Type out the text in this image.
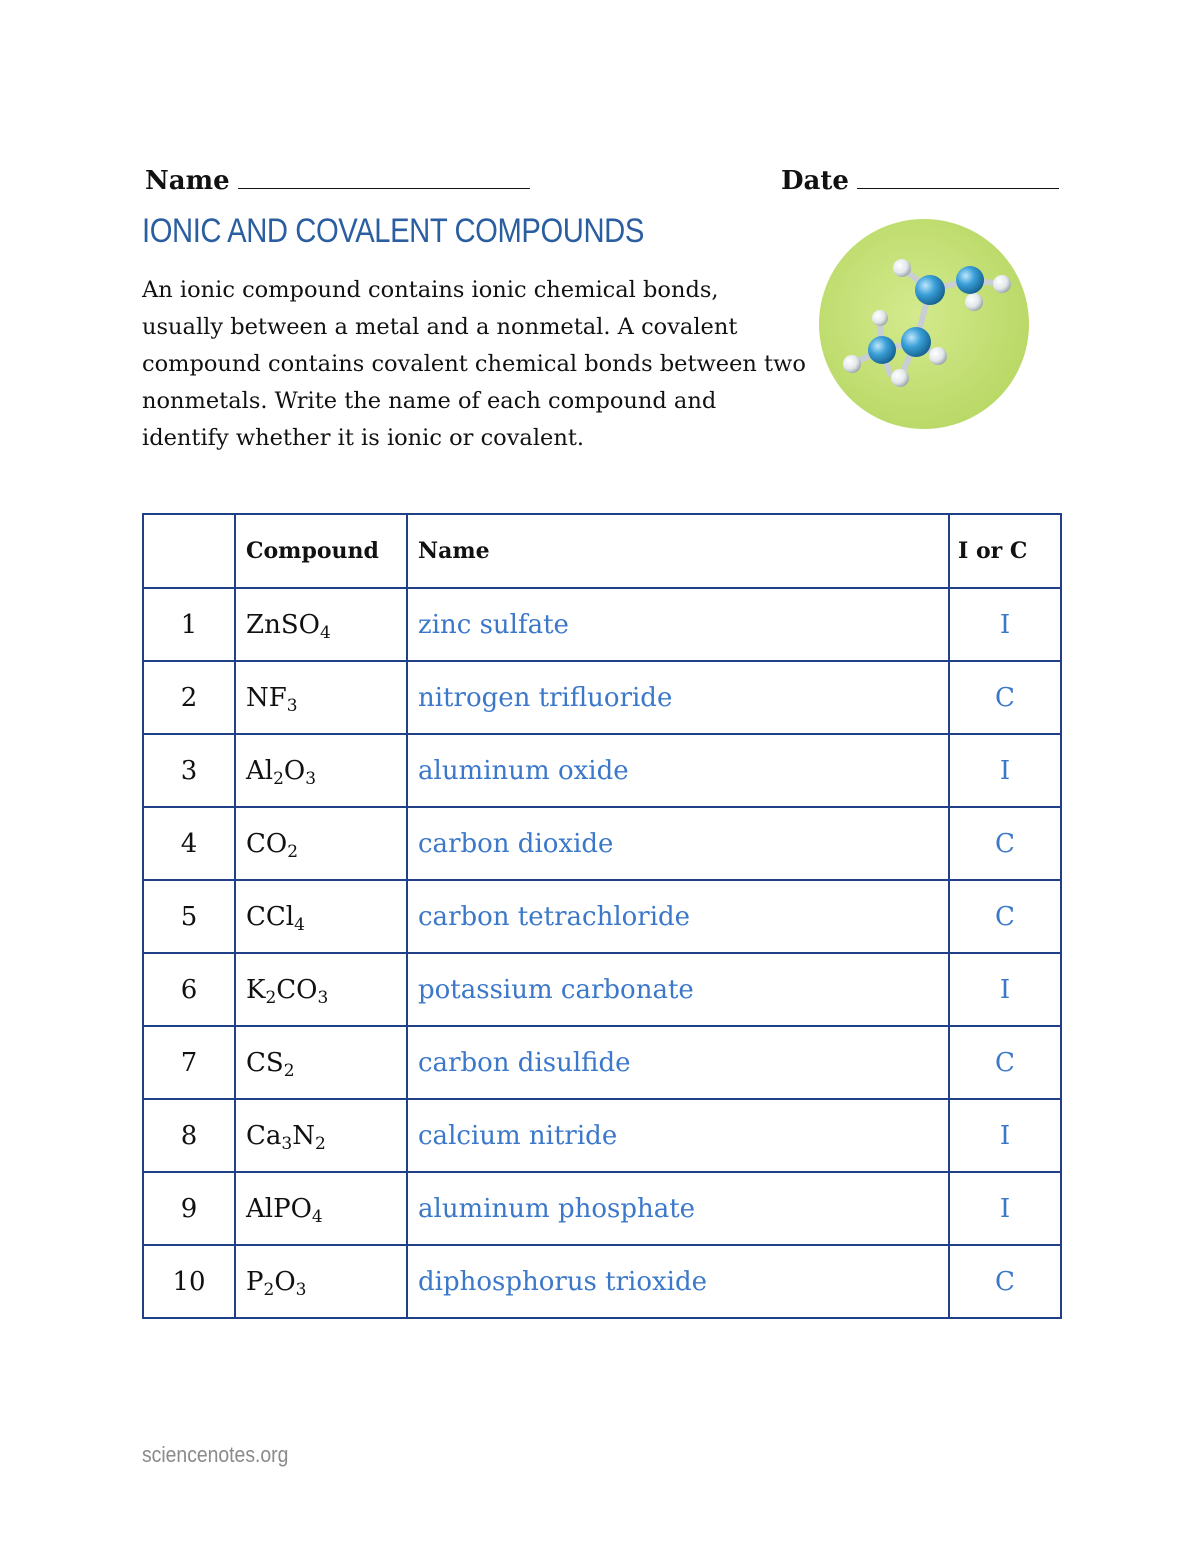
Name	Date
IONIC AND COVALENT COMPOUNDS
An ionic compound contains ionic chemical bonds,
usually between a metal and a nonmetal. A covalent
compound contains covalent chemical bonds between two
nonmetals. Write the name of each compound and
identify whether it is ionic or covalent.
	Compound	Name	I or C
1	ZnSO$_4$	zinc sulfate	I
2	$NF_3$	nitrogen trifluoride	C
3	$Al_2O_3$	aluminum oxide	I
4	$CO_2$	carbon dioxide	C
5	CCl$_4$	carbon tetrachloride	C
6	$K_2CO_3$	potassium carbonate	I
7	$CS_2$	carbon disulfide	C
8	$Ca_3N_2$	calcium nitride	I
9	AlPO$_4$	aluminum phosphate	I
10	$P_2O_3$	diphosphorus trioxide	C
sciencenotes.org
